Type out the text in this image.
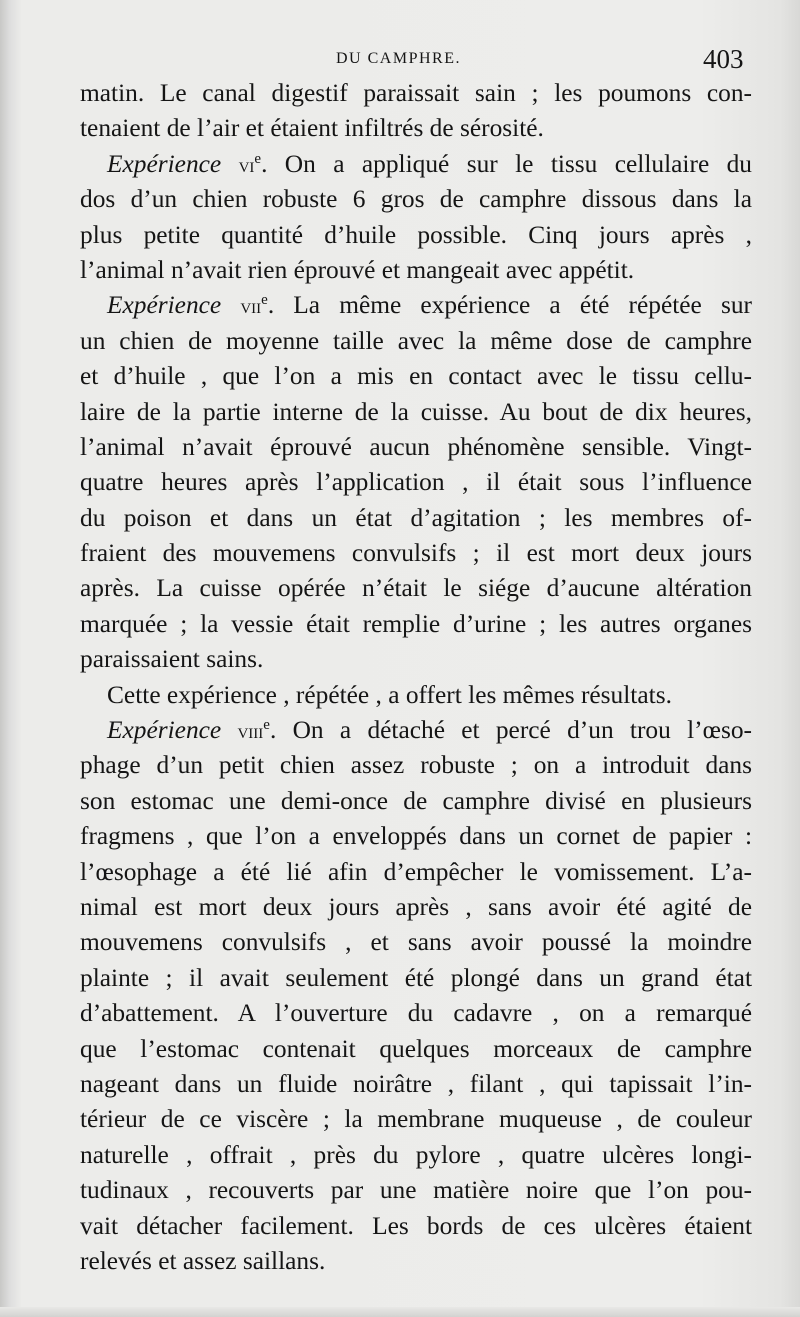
DU CAMPHRE.	403
matin. Le canal digestif paraissait sain ; les poumons con-
tenaient de l’air et étaient infiltrés de sérosité.
Expérience $vi^e$. On a appliqué sur le tissu cellulaire du
dos d’un chien robuste 6 gros de camphre dissous dans la
plus petite quantité d’huile possible. Cinq jours après ,
l’animal n’avait rien éprouvé et mangeait avec appétit.
Expérience vii$^e$. La même expérience a été répétée sur
un chien de moyenne taille avec la même dose de camphre
et d’huile , que l’on a mis en contact avec le tissu cellu-
laire de la partie interne de la cuisse. Au bout de dix heures,
l’animal n’avait éprouvé aucun phénomène sensible. Vingt-
quatre heures après l’application , il était sous l’influence
du poison et dans un état d’agitation ; les membres of-
fraient des mouvemens convulsifs ; il est mort deux jours
après. La cuisse opérée n’était le siége d’aucune altération
marquée ; la vessie était remplie d’urine ; les autres organes
paraissaient sains.
Cette expérience , répétée , a offert les mêmes résultats.
Expérience viii$^e$. On a détaché et percé d’un trou l’œso-
phage d’un petit chien assez robuste ; on a introduit dans
son estomac une demi-once de camphre divisé en plusieurs
fragmens , que l’on a enveloppés dans un cornet de papier :
l’œsophage a été lié afin d’empêcher le vomissement. L’a-
nimal est mort deux jours après , sans avoir été agité de
mouvemens convulsifs , et sans avoir poussé la moindre
plainte ; il avait seulement été plongé dans un grand état
d’abattement. A l’ouverture du cadavre , on a remarqué
que l’estomac contenait quelques morceaux de camphre
nageant dans un fluide noirâtre , filant , qui tapissait l’in-
térieur de ce viscère ; la membrane muqueuse , de couleur
naturelle , offrait , près du pylore , quatre ulcères longi-
tudinaux , recouverts par une matière noire que l’on pou-
vait détacher facilement. Les bords de ces ulcères étaient
relevés et assez saillans.
